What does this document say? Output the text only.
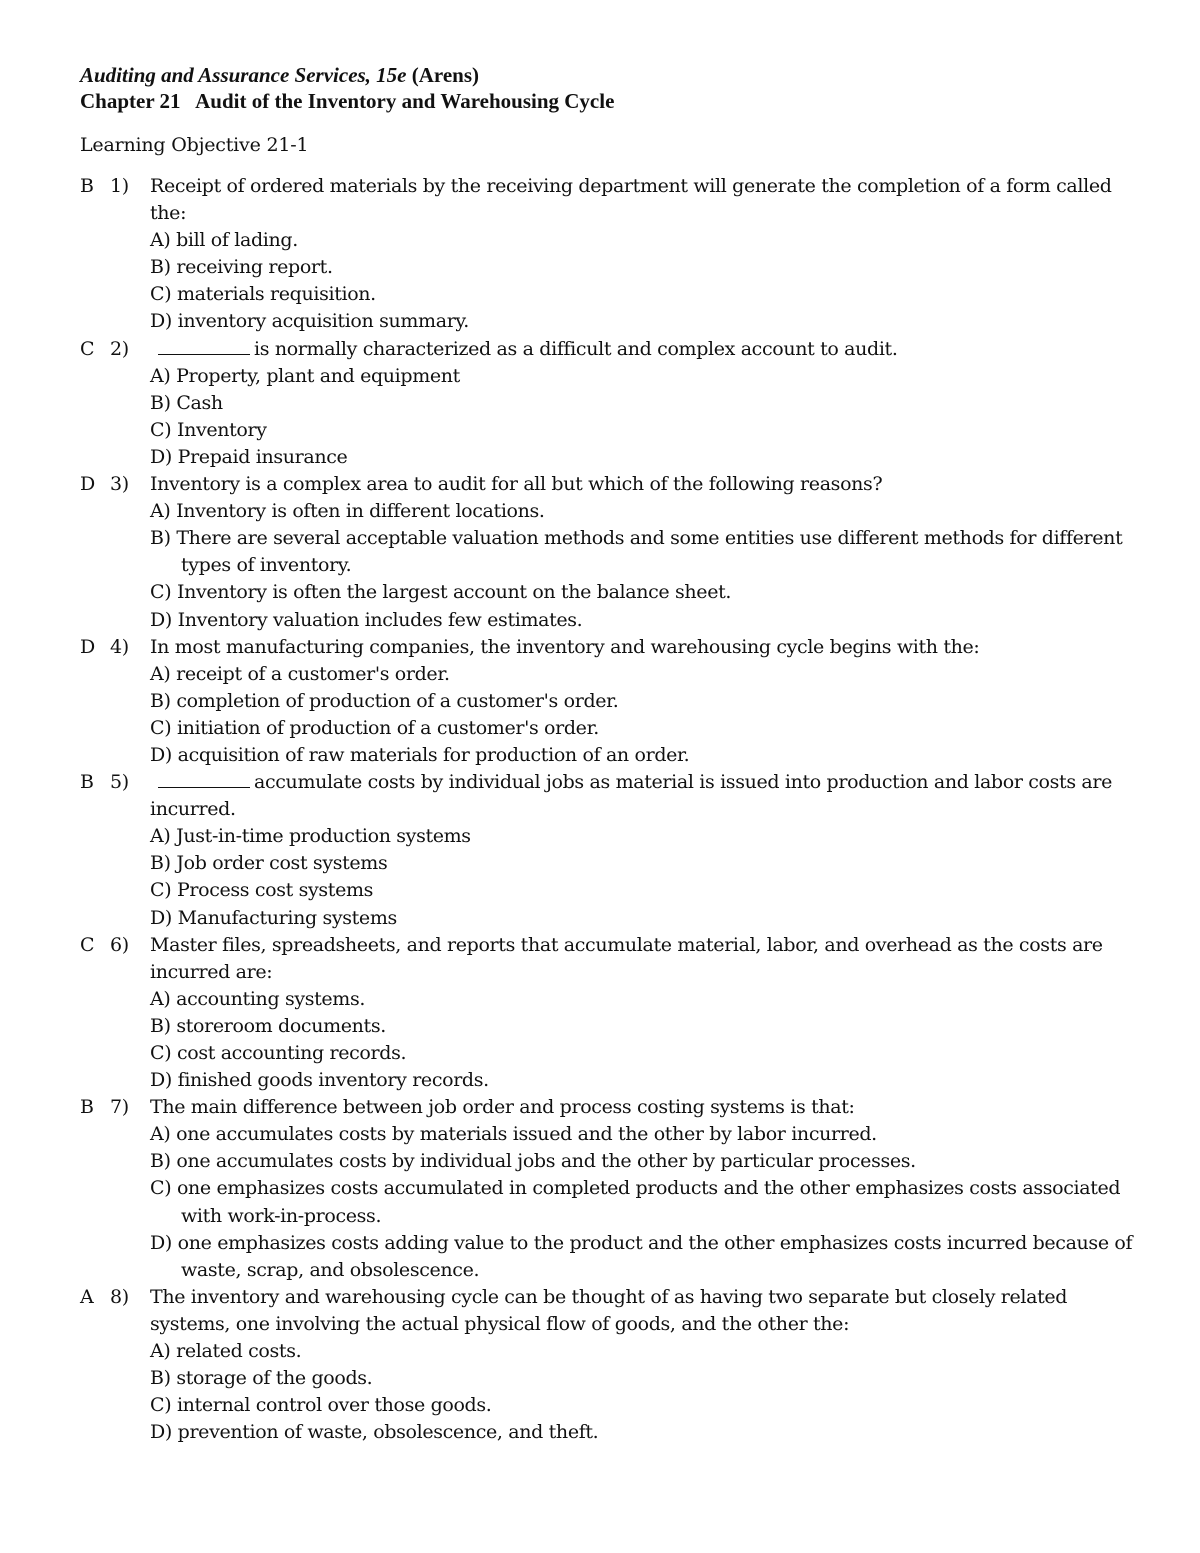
Auditing and Assurance Services, 15e (Arens)
Chapter 21 Audit of the Inventory and Warehousing Cycle
Learning Objective 21-1
B 1)	Receipt of ordered materials by the receiving department will generate the completion of a form called the:
A) bill of lading.
B) receiving report.
C) materials requisition.
D) inventory acquisition summary.
C 2)	is normally characterized as a difficult and complex account to audit.
A) Property, plant and equipment
B) Cash
C) Inventory
D) Prepaid insurance
D 3)	Inventory is a complex area to audit for all but which of the following reasons?
A) Inventory is often in different locations.
B) There are several acceptable valuation methods and some entities use different methods for different types of inventory.
C) Inventory is often the largest account on the balance sheet.
D) Inventory valuation includes few estimates.
D 4)	In most manufacturing companies, the inventory and warehousing cycle begins with the:
A) receipt of a customer's order.
B) completion of production of a customer's order.
C) initiation of production of a customer's order.
D) acquisition of raw materials for production of an order.
B 5)	accumulate costs by individual jobs as material is issued into production and labor costs are incurred.
A) Just-in-time production systems
B) Job order cost systems
C) Process cost systems
D) Manufacturing systems
C 6)	Master files, spreadsheets, and reports that accumulate material, labor, and overhead as the costs are incurred are:
A) accounting systems.
B) storeroom documents.
C) cost accounting records.
D) finished goods inventory records.
B 7)	The main difference between job order and process costing systems is that:
A) one accumulates costs by materials issued and the other by labor incurred.
B) one accumulates costs by individual jobs and the other by particular processes.
C) one emphasizes costs accumulated in completed products and the other emphasizes costs associated with work-in-process.
D) one emphasizes costs adding value to the product and the other emphasizes costs incurred because of waste, scrap, and obsolescence.
A 8)	The inventory and warehousing cycle can be thought of as having two separate but closely related systems, one involving the actual physical flow of goods, and the other the:
A) related costs.
B) storage of the goods.
C) internal control over those goods.
D) prevention of waste, obsolescence, and theft.
